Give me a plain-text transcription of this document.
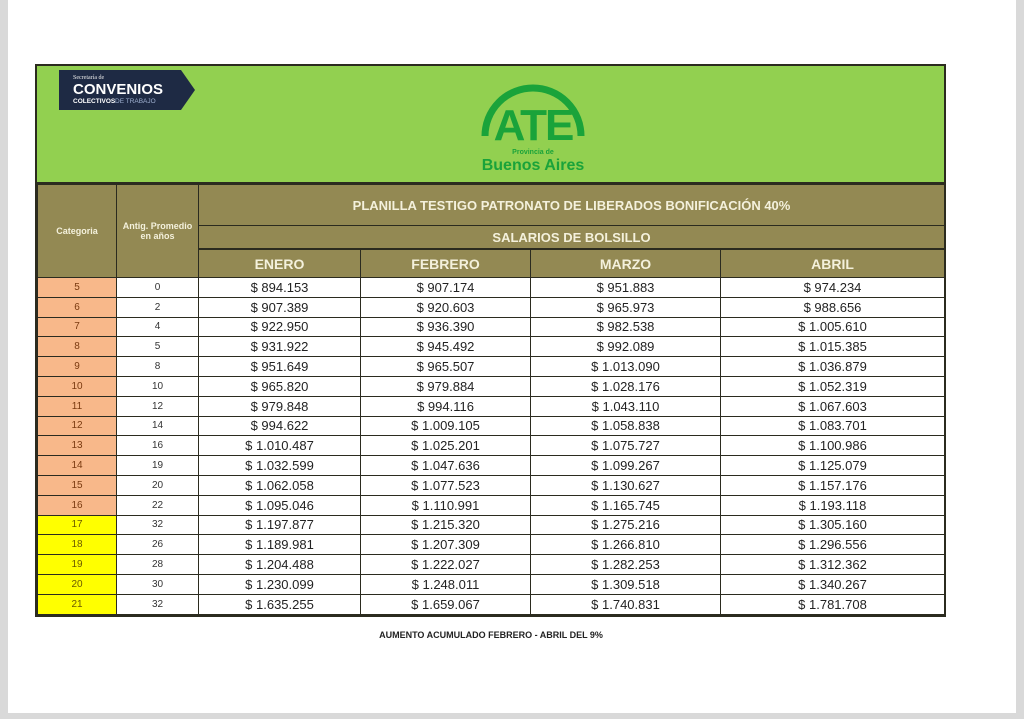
Secretaría de
CONVENIOS
COLECTIVOS DE TRABAJO	ATE
Provincia de
Buenos Aires
Categoria	Antig. Promedio en años	PLANILLA TESTIGO PATRONATO DE LIBERADOS BONIFICACIÓN 40%			
		SALARIOS DE BOLSILLO			
		ENERO	FEBRERO	MARZO	ABRIL
5	0	$ 894.153	$ 907.174	$ 951.883	$ 974.234
6	2	$ 907.389	$ 920.603	$ 965.973	$ 988.656
7	4	$ 922.950	$ 936.390	$ 982.538	$ 1.005.610
8	5	$ 931.922	$ 945.492	$ 992.089	$ 1.015.385
9	8	$ 951.649	$ 965.507	$ 1.013.090	$ 1.036.879
10	10	$ 965.820	$ 979.884	$ 1.028.176	$ 1.052.319
11	12	$ 979.848	$ 994.116	$ 1.043.110	$ 1.067.603
12	14	$ 994.622	$ 1.009.105	$ 1.058.838	$ 1.083.701
13	16	$ 1.010.487	$ 1.025.201	$ 1.075.727	$ 1.100.986
14	19	$ 1.032.599	$ 1.047.636	$ 1.099.267	$ 1.125.079
15	20	$ 1.062.058	$ 1.077.523	$ 1.130.627	$ 1.157.176
16	22	$ 1.095.046	$ 1.110.991	$ 1.165.745	$ 1.193.118
17	32	$ 1.197.877	$ 1.215.320	$ 1.275.216	$ 1.305.160
18	26	$ 1.189.981	$ 1.207.309	$ 1.266.810	$ 1.296.556
19	28	$ 1.204.488	$ 1.222.027	$ 1.282.253	$ 1.312.362
20	30	$ 1.230.099	$ 1.248.011	$ 1.309.518	$ 1.340.267
21	32	$ 1.635.255	$ 1.659.067	$ 1.740.831	$ 1.781.708
AUMENTO ACUMULADO FEBRERO - ABRIL DEL 9%
